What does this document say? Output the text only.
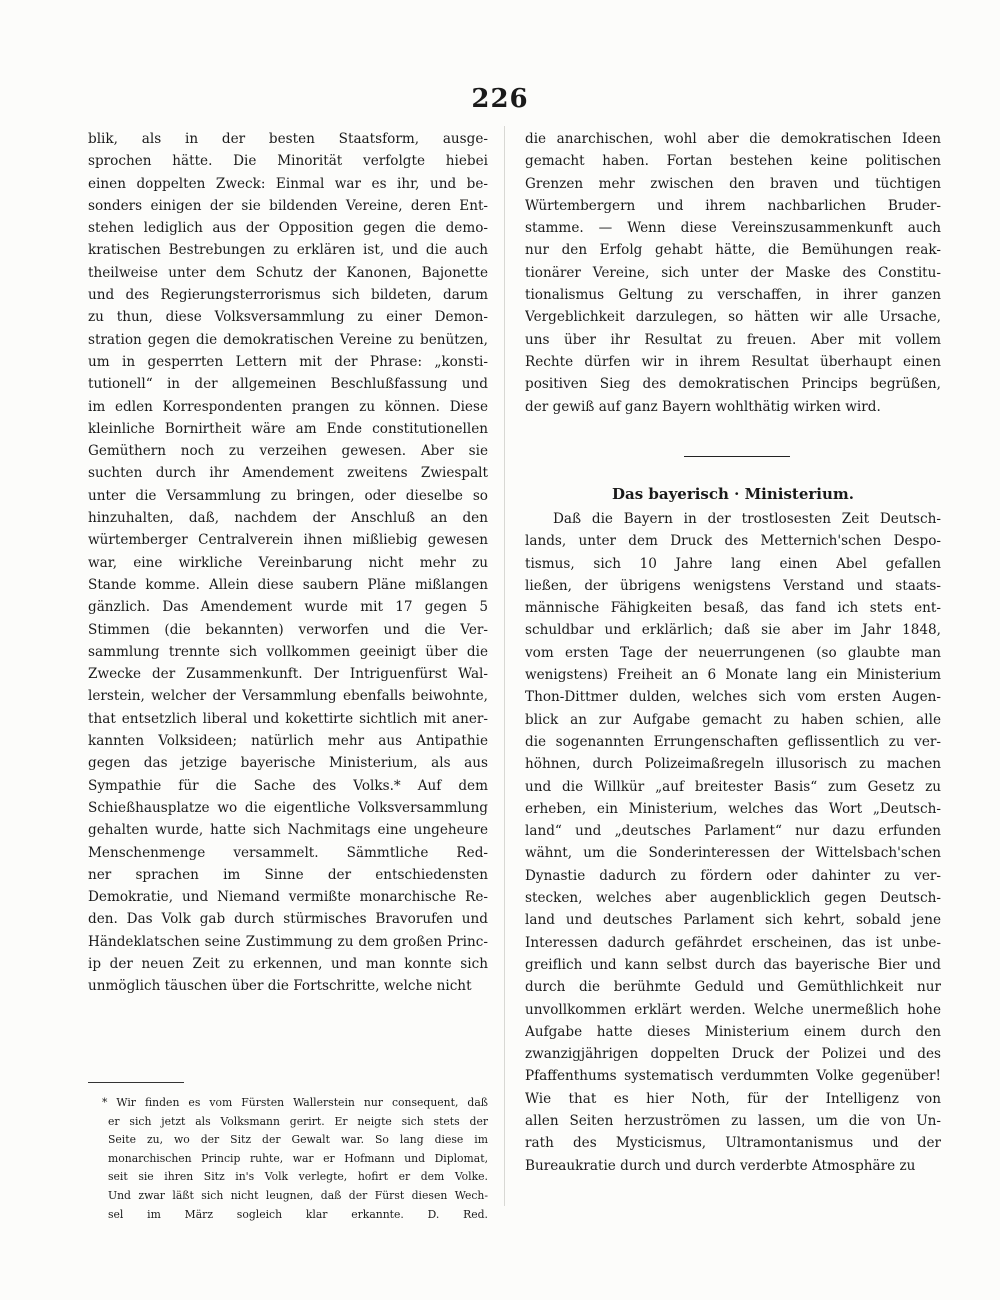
226
blik, als in der besten Staatsform, ausge-
sprochen hätte. Die Minorität verfolgte hiebei
einen doppelten Zweck: Einmal war es ihr, und be-
sonders einigen der sie bildenden Vereine, deren Ent-
stehen lediglich aus der Opposition gegen die demo-
kratischen Bestrebungen zu erklären ist, und die auch
theilweise unter dem Schutz der Kanonen, Bajonette
und des Regierungsterrorismus sich bildeten, darum
zu thun, diese Volksversammlung zu einer Demon-
stration gegen die demokratischen Vereine zu benützen,
um in gesperrten Lettern mit der Phrase: „konsti-
tutionell“ in der allgemeinen Beschlußfassung und
im edlen Korrespondenten prangen zu können. Diese
kleinliche Bornirtheit wäre am Ende constitutionellen
Gemüthern noch zu verzeihen gewesen. Aber sie
suchten durch ihr Amendement zweitens Zwiespalt
unter die Versammlung zu bringen, oder dieselbe so
hinzuhalten, daß, nachdem der Anschluß an den
würtemberger Centralverein ihnen mißliebig gewesen
war, eine wirkliche Vereinbarung nicht mehr zu
Stande komme. Allein diese saubern Pläne mißlangen
gänzlich. Das Amendement wurde mit 17 gegen 5
Stimmen (die bekannten) verworfen und die Ver-
sammlung trennte sich vollkommen geeinigt über die
Zwecke der Zusammenkunft. Der Intriguenfürst Wal-
lerstein, welcher der Versammlung ebenfalls beiwohnte,
that entsetzlich liberal und kokettirte sichtlich mit aner-
kannten Volksideen; natürlich mehr aus Antipathie
gegen das jetzige bayerische Ministerium, als aus
Sympathie für die Sache des Volks.* Auf dem
Schießhausplatze wo die eigentliche Volksversammlung
gehalten wurde, hatte sich Nachmitags eine ungeheure
Menschenmenge versammelt. Sämmtliche Red-
ner sprachen im Sinne der entschiedensten
Demokratie, und Niemand vermißte monarchische Re-
den. Das Volk gab durch stürmisches Bravorufen und
Händeklatschen seine Zustimmung zu dem großen Princ-
ip der neuen Zeit zu erkennen, und man konnte sich
unmöglich täuschen über die Fortschritte, welche nicht
* Wir finden es vom Fürsten Wallerstein nur consequent, daß
er sich jetzt als Volksmann gerirt. Er neigte sich stets der
Seite zu, wo der Sitz der Gewalt war. So lang diese im
monarchischen Princip ruhte, war er Hofmann und Diplomat,
seit sie ihren Sitz in's Volk verlegte, hofirt er dem Volke.
Und zwar läßt sich nicht leugnen, daß der Fürst diesen Wech-
sel im März sogleich klar erkannte. D. Red.
die anarchischen, wohl aber die demokratischen Ideen
gemacht haben. Fortan bestehen keine politischen
Grenzen mehr zwischen den braven und tüchtigen
Würtembergern und ihrem nachbarlichen Bruder-
stamme. — Wenn diese Vereinszusammenkunft auch
nur den Erfolg gehabt hätte, die Bemühungen reak-
tionärer Vereine, sich unter der Maske des Constitu-
tionalismus Geltung zu verschaffen, in ihrer ganzen
Vergeblichkeit darzulegen, so hätten wir alle Ursache,
uns über ihr Resultat zu freuen. Aber mit vollem
Rechte dürfen wir in ihrem Resultat überhaupt einen
positiven Sieg des demokratischen Princips begrüßen,
der gewiß auf ganz Bayern wohlthätig wirken wird.
Das bayerisch · Ministerium.
Daß die Bayern in der trostlosesten Zeit Deutsch-
lands, unter dem Druck des Metternich'schen Despo-
tismus, sich 10 Jahre lang einen Abel gefallen
ließen, der übrigens wenigstens Verstand und staats-
männische Fähigkeiten besaß, das fand ich stets ent-
schuldbar und erklärlich; daß sie aber im Jahr 1848,
vom ersten Tage der neuerrungenen (so glaubte man
wenigstens) Freiheit an 6 Monate lang ein Ministerium
Thon-Dittmer dulden, welches sich vom ersten Augen-
blick an zur Aufgabe gemacht zu haben schien, alle
die sogenannten Errungenschaften geflissentlich zu ver-
höhnen, durch Polizeimaßregeln illusorisch zu machen
und die Willkür „auf breitester Basis“ zum Gesetz zu
erheben, ein Ministerium, welches das Wort „Deutsch-
land“ und „deutsches Parlament“ nur dazu erfunden
wähnt, um die Sonderinteressen der Wittelsbach'schen
Dynastie dadurch zu fördern oder dahinter zu ver-
stecken, welches aber augenblicklich gegen Deutsch-
land und deutsches Parlament sich kehrt, sobald jene
Interessen dadurch gefährdet erscheinen, das ist unbe-
greiflich und kann selbst durch das bayerische Bier und
durch die berühmte Geduld und Gemüthlichkeit nur
unvollkommen erklärt werden. Welche unermeßlich hohe
Aufgabe hatte dieses Ministerium einem durch den
zwanzigjährigen doppelten Druck der Polizei und des
Pfaffenthums systematisch verdummten Volke gegenüber!
Wie that es hier Noth, für der Intelligenz von
allen Seiten herzuströmen zu lassen, um die von Un-
rath des Mysticismus, Ultramontanismus und der
Bureaukratie durch und durch verderbte Atmosphäre zu
